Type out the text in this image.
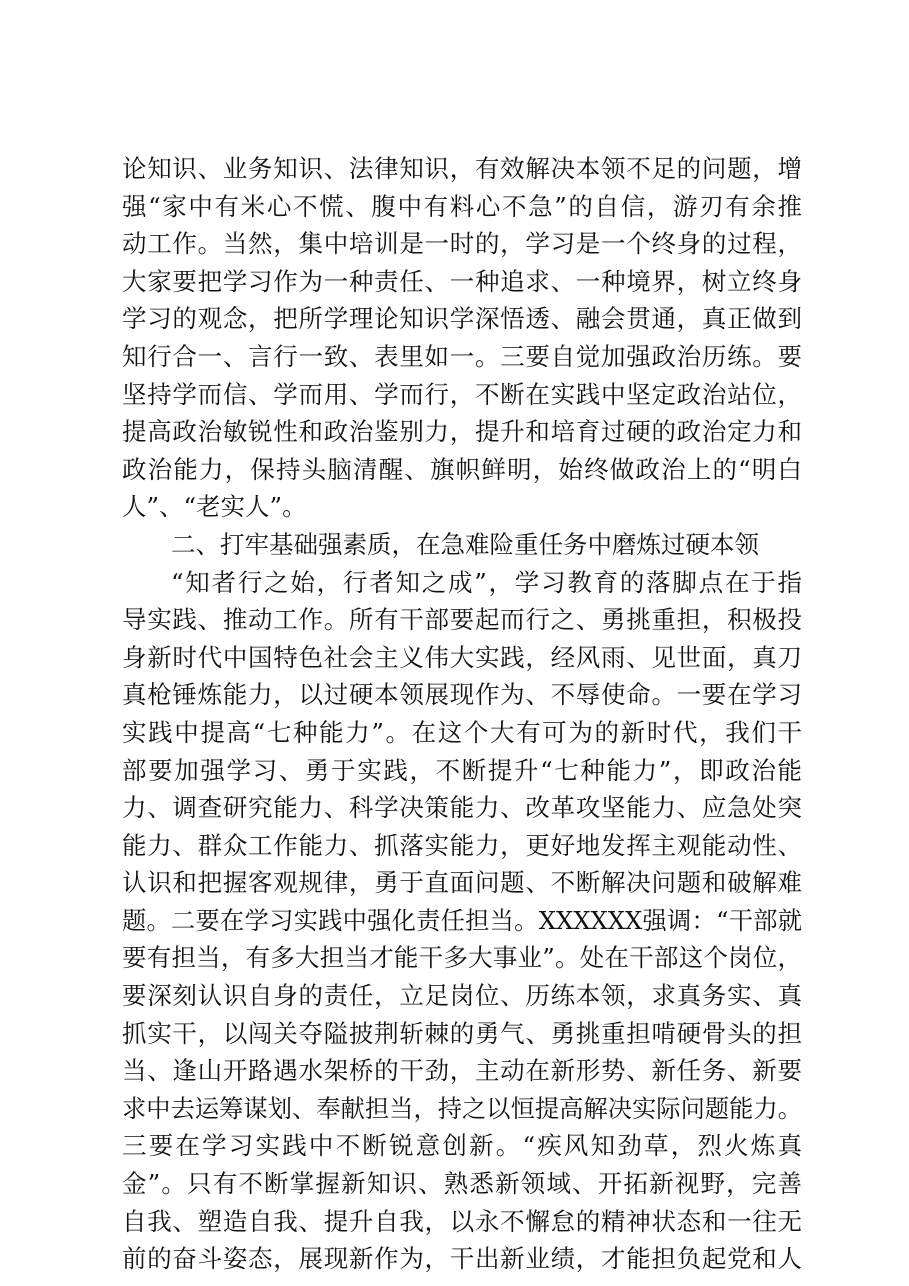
论知识、业务知识、法律知识，有效解决本领不足的问题，增
强“家中有米心不慌、腹中有料心不急”的自信，游刃有余推
动工作。当然，集中培训是一时的，学习是一个终身的过程，
大家要把学习作为一种责任、一种追求、一种境界，树立终身
学习的观念，把所学理论知识学深悟透、融会贯通，真正做到
知行合一、言行一致、表里如一。三要自觉加强政治历练。要
坚持学而信、学而用、学而行，不断在实践中坚定政治站位，
提高政治敏锐性和政治鉴别力，提升和培育过硬的政治定力和
政治能力，保持头脑清醒、旗帜鲜明，始终做政治上的“明白
人”、“老实人”。
二、打牢基础强素质，在急难险重任务中磨炼过硬本领
“知者行之始，行者知之成”，学习教育的落脚点在于指
导实践、推动工作。所有干部要起而行之、勇挑重担，积极投
身新时代中国特色社会主义伟大实践，经风雨、见世面，真刀
真枪锤炼能力，以过硬本领展现作为、不辱使命。一要在学习
实践中提高“七种能力”。在这个大有可为的新时代，我们干
部要加强学习、勇于实践，不断提升“七种能力”，即政治能
力、调查研究能力、科学决策能力、改革攻坚能力、应急处突
能力、群众工作能力、抓落实能力，更好地发挥主观能动性、
认识和把握客观规律，勇于直面问题、不断解决问题和破解难
题。二要在学习实践中强化责任担当。XXXXXX强调：“干部就
要有担当，有多大担当才能干多大事业”。处在干部这个岗位，
要深刻认识自身的责任，立足岗位、历练本领，求真务实、真
抓实干，以闯关夺隘披荆斩棘的勇气、勇挑重担啃硬骨头的担
当、逢山开路遇水架桥的干劲，主动在新形势、新任务、新要
求中去运筹谋划、奉献担当，持之以恒提高解决实际问题能力。
三要在学习实践中不断锐意创新。“疾风知劲草，烈火炼真
金”。只有不断掌握新知识、熟悉新领域、开拓新视野，完善
自我、塑造自我、提升自我，以永不懈怠的精神状态和一往无
前的奋斗姿态，展现新作为，干出新业绩，才能担负起党和人
